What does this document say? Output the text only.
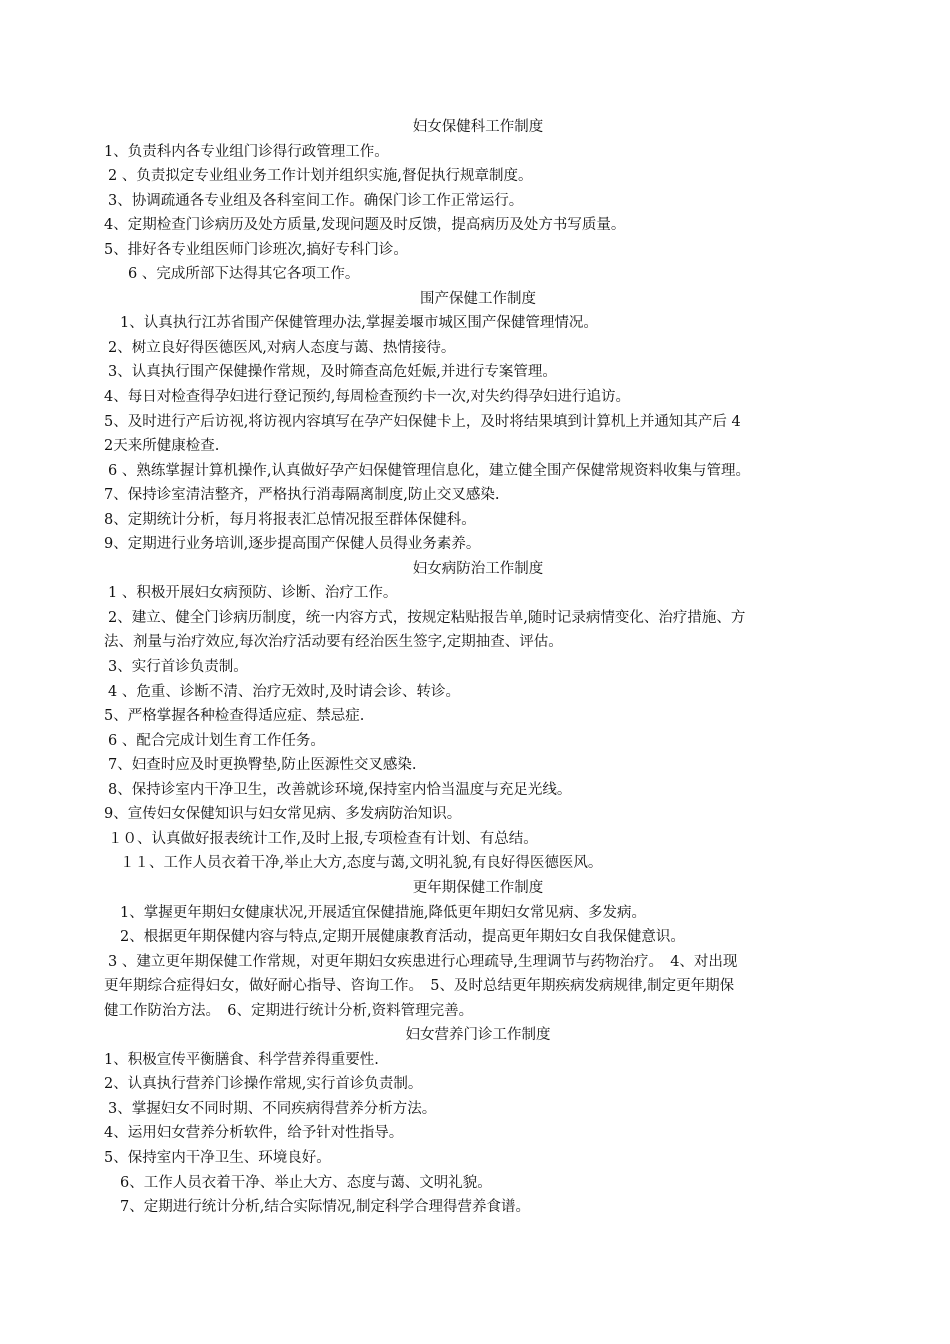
妇女保健科工作制度
1、负责科内各专业组门诊得行政管理工作。
2 、负责拟定专业组业务工作计划并组织实施,督促执行规章制度。
3、协调疏通各专业组及各科室间工作。确保门诊工作正常运行。
4、定期检查门诊病历及处方质量,发现问题及时反馈，提高病历及处方书写质量。
5、排好各专业组医师门诊班次,搞好专科门诊。
6 、完成所部下达得其它各项工作。
围产保健工作制度
1、认真执行江苏省围产保健管理办法,掌握姜堰市城区围产保健管理情况。
2、树立良好得医德医风,对病人态度与蔼、热情接待。
3、认真执行围产保健操作常规，及时筛查高危妊娠,并进行专案管理。
4、每日对检查得孕妇进行登记预约,每周检查预约卡一次,对失约得孕妇进行追访。
5、及时进行产后访视,将访视内容填写在孕产妇保健卡上，及时将结果填到计算机上并通知其产后 4
2天来所健康检查.
6 、熟练掌握计算机操作,认真做好孕产妇保健管理信息化，建立健全围产保健常规资料收集与管理。
7、保持诊室清洁整齐，严格执行消毒隔离制度,防止交叉感染.
8、定期统计分析，每月将报表汇总情况报至群体保健科。
9、定期进行业务培训,逐步提高围产保健人员得业务素养。
妇女病防治工作制度
1 、积极开展妇女病预防、诊断、治疗工作。
2、建立、健全门诊病历制度，统一内容方式，按规定粘贴报告单,随时记录病情变化、治疗措施、方
法、剂量与治疗效应,每次治疗活动要有经治医生签字,定期抽查、评估。
3、实行首诊负责制。
4 、危重、诊断不清、治疗无效时,及时请会诊、转诊。
5、严格掌握各种检查得适应症、禁忌症.
6 、配合完成计划生育工作任务。
7、妇查时应及时更换臀垫,防止医源性交叉感染.
8、保持诊室内干净卫生，改善就诊环境,保持室内恰当温度与充足光线。
9、宣传妇女保健知识与妇女常见病、多发病防治知识。
１０、认真做好报表统计工作,及时上报,专项检查有计划、有总结。
１１、工作人员衣着干净,举止大方,态度与蔼,文明礼貌,有良好得医德医风。
更年期保健工作制度
1、掌握更年期妇女健康状况,开展适宜保健措施,降低更年期妇女常见病、多发病。
2、根据更年期保健内容与特点,定期开展健康教育活动，提高更年期妇女自我保健意识。
3 、建立更年期保健工作常规，对更年期妇女疾患进行心理疏导,生理调节与药物治疗。　4、对出现
更年期综合症得妇女，做好耐心指导、咨询工作。　5、及时总结更年期疾病发病规律,制定更年期保
健工作防治方法。　6、定期进行统计分析,资料管理完善。
妇女营养门诊工作制度
1、积极宣传平衡膳食、科学营养得重要性.
2、认真执行营养门诊操作常规,实行首诊负责制。
3、掌握妇女不同时期、不同疾病得营养分析方法。
4、运用妇女营养分析软件，给予针对性指导。
5、保持室内干净卫生、环境良好。
6、工作人员衣着干净、举止大方、态度与蔼、文明礼貌。
7、定期进行统计分析,结合实际情况,制定科学合理得营养食谱。
